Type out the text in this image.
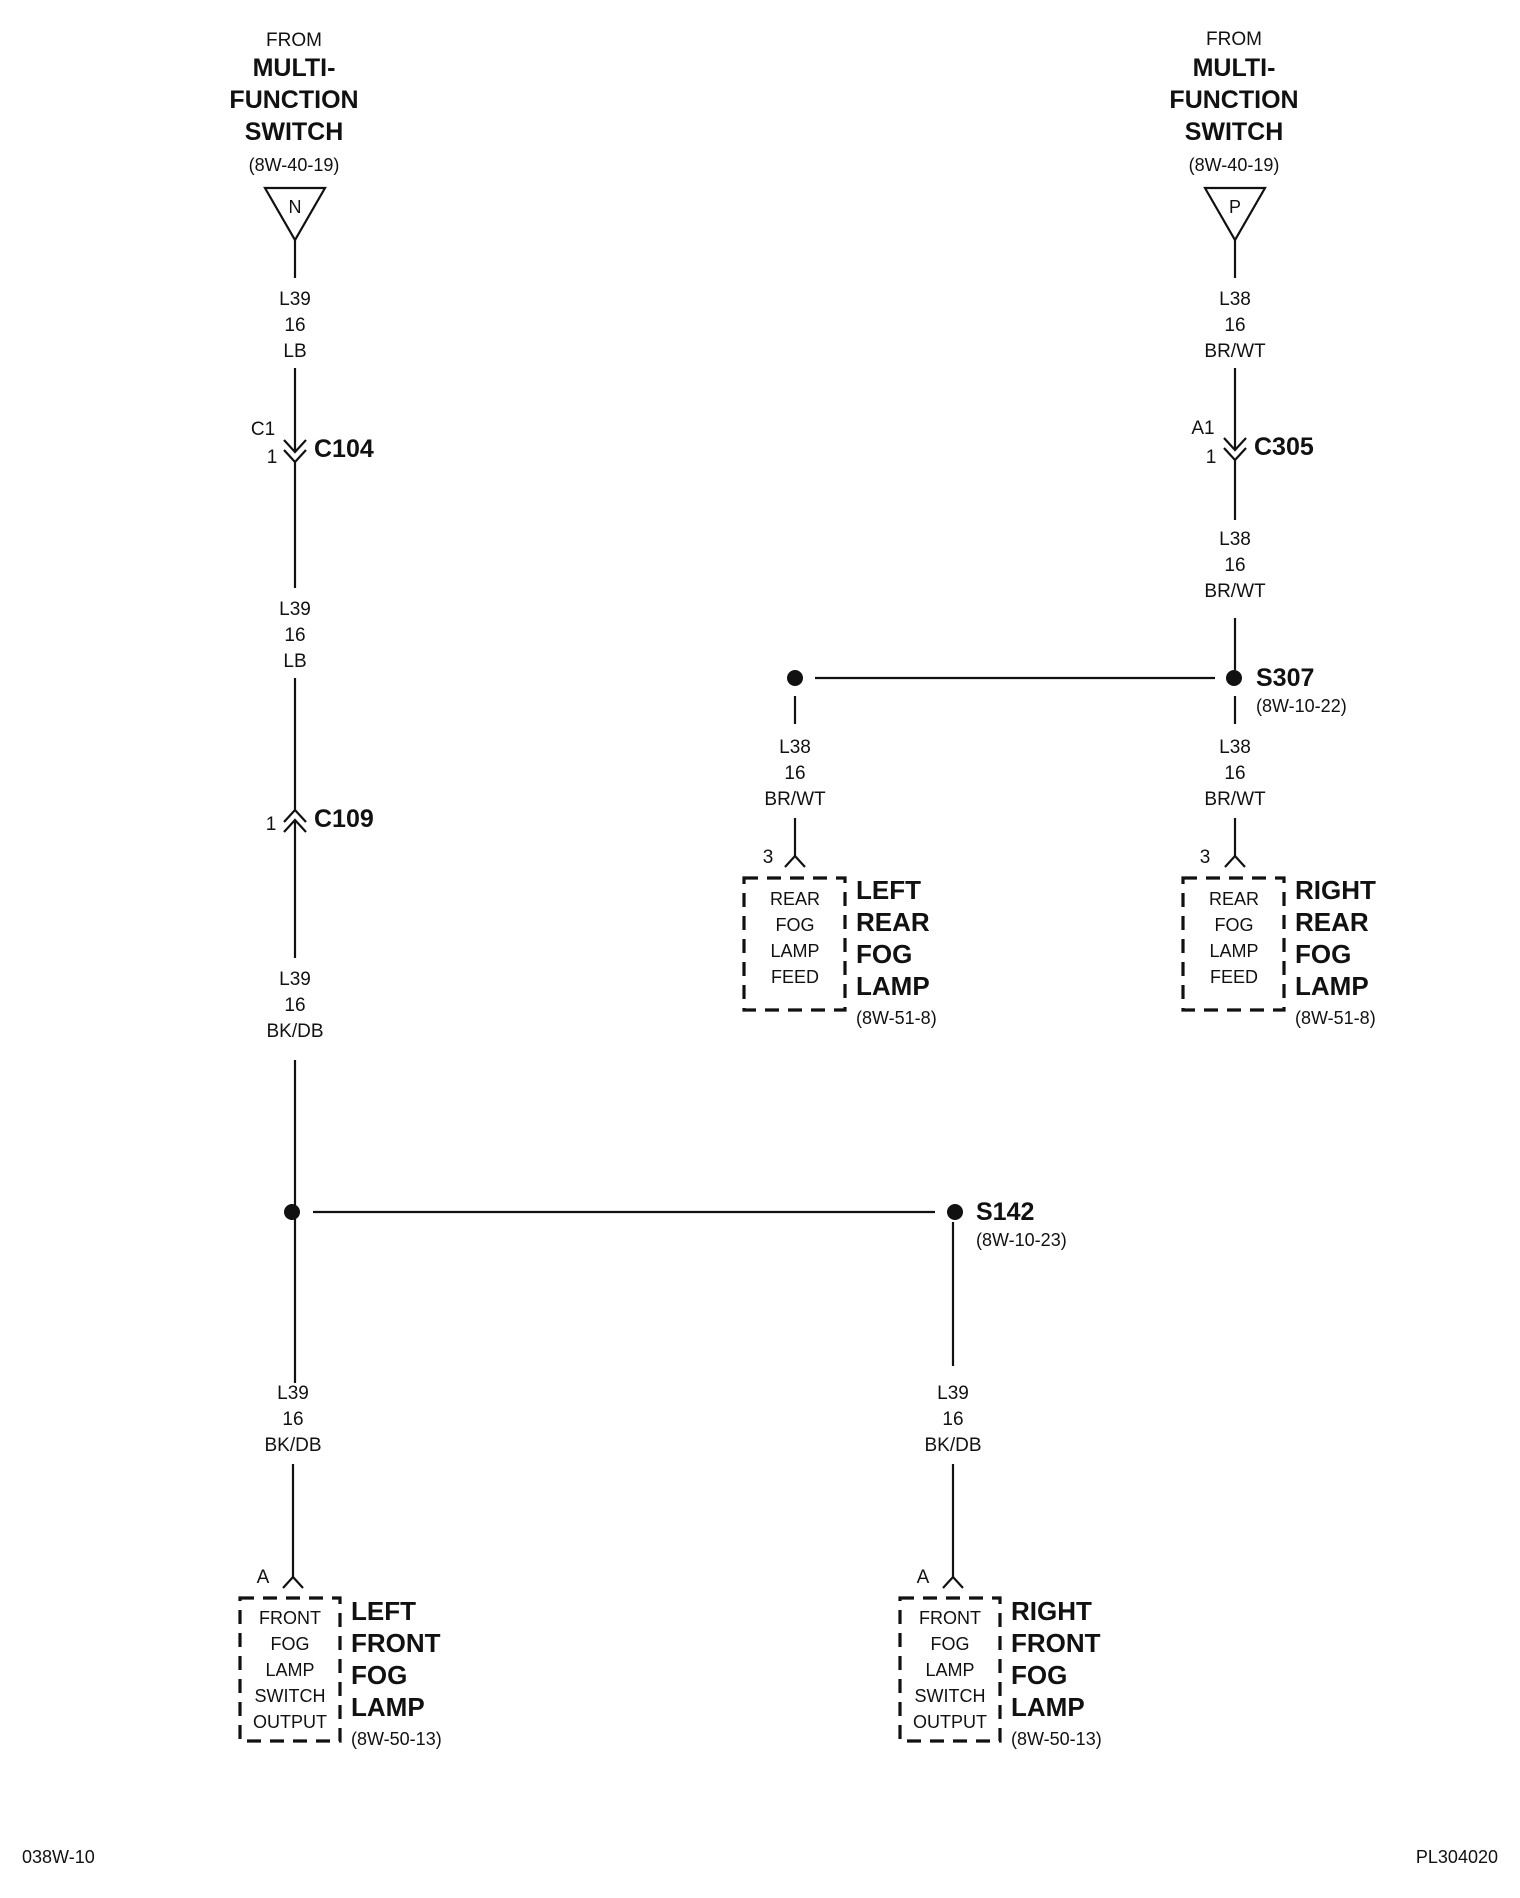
FROM
MULTI-
FUNCTION
SWITCH
(8W-40-19)
N
L39
16
LB
C1
1 C104
L39
16
LB
1 C109
L39
16
BK/DB
S142
(8W-10-23)
L39
16
BK/DB
L39
16
BK/DB
A
FRONT
FOG
LAMP
SWITCH
OUTPUT
LEFT
FRONT
FOG
LAMP
(8W-50-13)
A
FRONT
FOG
LAMP
SWITCH
OUTPUT
RIGHT
FRONT
FOG
LAMP
(8W-50-13)
FROM
MULTI-
FUNCTION
SWITCH
(8W-40-19)
P
L38
16
BR/WT
A1
1 C305
L38
16
BR/WT
S307
(8W-10-22)
L38
16
BR/WT
L38
16
BR/WT
3
REAR
FOG
LAMP
FEED
LEFT
REAR
FOG
LAMP
(8W-51-8)
3
REAR
FOG
LAMP
FEED
RIGHT
REAR
FOG
LAMP
(8W-51-8)
038W-10	PL304020
